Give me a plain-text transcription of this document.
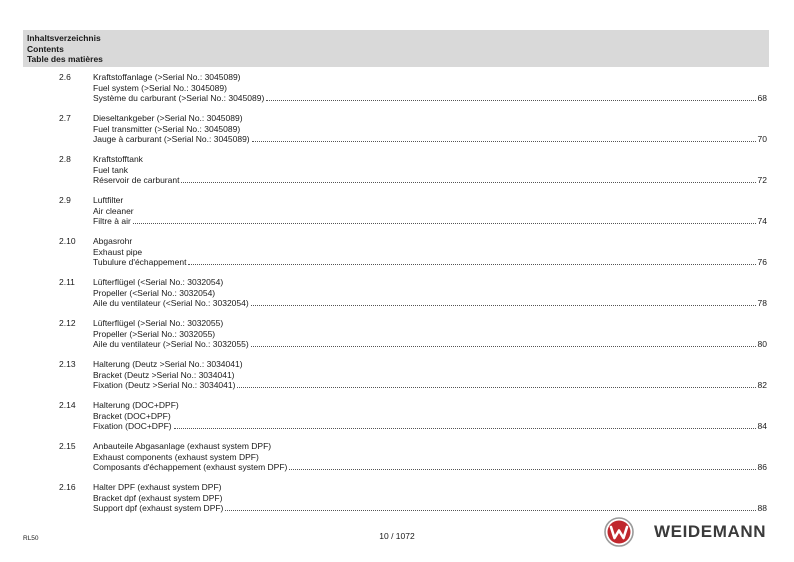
Inhaltsverzeichnis
Contents
Table des matières
2.6	Kraftstoffanlage (>Serial No.: 3045089)
Fuel system (>Serial No.: 3045089)
Système du carburant (>Serial No.: 3045089)	68
2.7	Dieseltankgeber (>Serial No.: 3045089)
Fuel transmitter (>Serial No.: 3045089)
Jauge à carburant (>Serial No.: 3045089)	70
2.8	Kraftstofftank
Fuel tank
Réservoir de carburant	72
2.9	Luftfilter
Air cleaner
Filtre à air	74
2.10 Abgasrohr
Exhaust pipe
Tubulure d'échappement	76
2.11 Lüfterflügel (<Serial No.: 3032054)
Propeller (<Serial No.: 3032054)
Aile du ventilateur (<Serial No.: 3032054)	78
2.12 Lüfterflügel (>Serial No.: 3032055)
Propeller (>Serial No.: 3032055)
Aile du ventilateur (>Serial No.: 3032055)	80
2.13 Halterung (Deutz >Serial No.: 3034041)
Bracket (Deutz >Serial No.: 3034041)
Fixation (Deutz >Serial No.: 3034041)	82
2.14 Halterung (DOC+DPF)
Bracket (DOC+DPF)
Fixation (DOC+DPF)	84
2.15 Anbauteile Abgasanlage (exhaust system DPF)
Exhaust components (exhaust system DPF)
Composants d'échappement (exhaust system DPF)	86
2.16 Halter DPF (exhaust system DPF)
Bracket dpf (exhaust system DPF)
Support dpf (exhaust system DPF)	88
RL50	10 / 1072	WEIDEMANN
